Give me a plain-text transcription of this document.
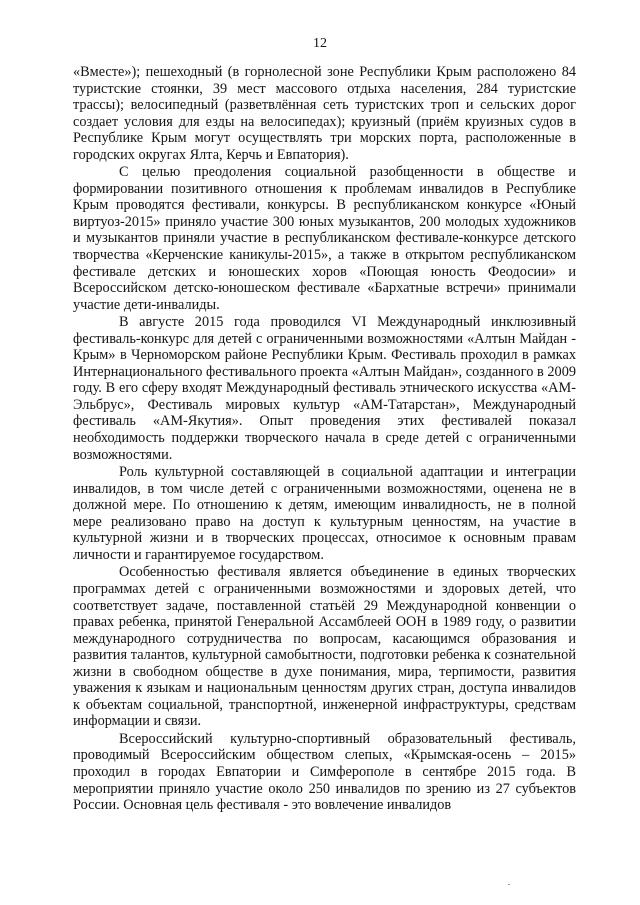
12

«Вместе»); пешеходный (в горнолесной зоне Республики Крым расположено 84 туристские стоянки, 39 мест массового отдыха населения, 284 туристские трассы); велосипедный (разветвлённая сеть туристских троп и сельских дорог создает условия для езды на велосипедах); круизный (приём круизных судов в Республике Крым могут осуществлять три морских порта, расположенные в городских округах Ялта, Керчь и Евпатория).

С целью преодоления социальной разобщенности в обществе и формировании позитивного отношения к проблемам инвалидов в Республике Крым проводятся фестивали, конкурсы. В республиканском конкурсе «Юный виртуоз-2015» приняло участие 300 юных музыкантов, 200 молодых художников и музыкантов приняли участие в республиканском фестивале-конкурсе детского творчества «Керченские каникулы-2015», а также в открытом республиканском фестивале детских и юношеских хоров «Поющая юность Феодосии» и Всероссийском детско-юношеском фестивале «Бархатные встречи» принимали участие дети-инвалиды.

В августе 2015 года проводился VI Международный инклюзивный фестиваль-конкурс для детей с ограниченными возможностями «Алтын Майдан - Крым» в Черноморском районе Республики Крым. Фестиваль проходил в рамках Интернационального фестивального проекта «Алтын Майдан», созданного в 2009 году. В его сферу входят Международный фестиваль этнического искусства «АМ-Эльбрус», Фестиваль мировых культур «АМ-Татарстан», Международный фестиваль «АМ-Якутия». Опыт проведения этих фестивалей показал необходимость поддержки творческого начала в среде детей с ограниченными возможностями.

Роль культурной составляющей в социальной адаптации и интеграции инвалидов, в том числе детей с ограниченными возможностями, оценена не в должной мере. По отношению к детям, имеющим инвалидность, не в полной мере реализовано право на доступ к культурным ценностям, на участие в культурной жизни и в творческих процессах, относимое к основным правам личности и гарантируемое государством.

Особенностью фестиваля является объединение в единых творческих программах детей с ограниченными возможностями и здоровых детей, что соответствует задаче, поставленной статьёй 29 Международной конвенции о правах ребенка, принятой Генеральной Ассамблеей ООН в 1989 году, о развитии международного сотрудничества по вопросам, касающимся образования и развития талантов, культурной самобытности, подготовки ребенка к сознательной жизни в свободном обществе в духе понимания, мира, терпимости, развития уважения к языкам и национальным ценностям других стран, доступа инвалидов к объектам социальной, транспортной, инженерной инфраструктуры, средствам информации и связи.

Всероссийский культурно-спортивный образовательный фестиваль, проводимый Всероссийским обществом слепых, «Крымская-осень – 2015» проходил в городах Евпатории и Симферополе в сентябре 2015 года. В мероприятии приняло участие около 250 инвалидов по зрению из 27 субъектов России. Основная цель фестиваля - это вовлечение инвалидов
